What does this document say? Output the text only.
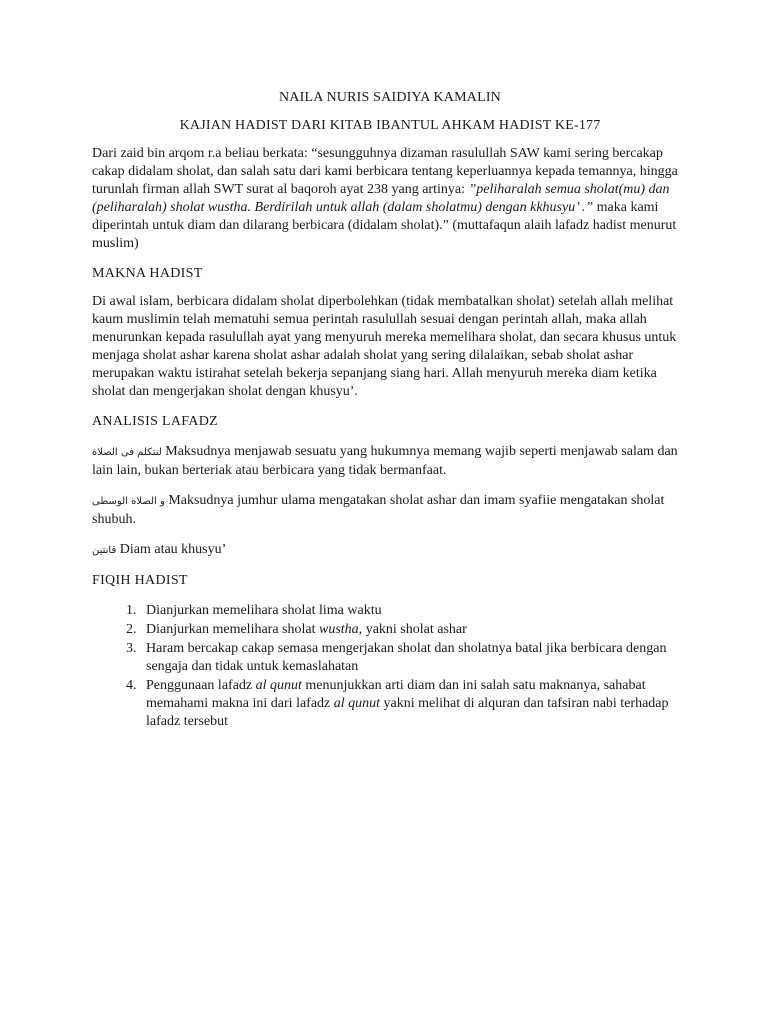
NAILA NURIS SAIDIYA KAMALIN

KAJIAN HADIST DARI KITAB IBANTUL AHKAM HADIST KE-177

Dari zaid bin arqom r.a beliau berkata: “sesungguhnya dizaman rasulullah SAW kami sering bercakap cakap didalam sholat, dan salah satu dari kami berbicara tentang keperluannya kepada temannya, hingga turunlah firman allah SWT surat al baqoroh ayat 238 yang artinya: ”peliharalah semua sholat(mu) dan (peliharalah) sholat wustha. Berdirilah untuk allah (dalam sholatmu) dengan kkhusyu’ .” maka kami diperintah untuk diam dan dilarang berbicara (didalam sholat).” (muttafaqun alaih lafadz hadist menurut muslim)

MAKNA HADIST

Di awal islam, berbicara didalam sholat diperbolehkan (tidak membatalkan sholat) setelah allah melihat kaum muslimin telah mematuhi semua perintah rasulullah sesuai dengan perintah allah, maka allah menurunkan kepada rasulullah ayat yang menyuruh mereka memelihara sholat, dan secara khusus untuk menjaga sholat ashar karena sholat ashar adalah sholat yang sering dilalaikan, sebab sholat ashar merupakan waktu istirahat setelah bekerja sepanjang siang hari. Allah menyuruh mereka diam ketika sholat dan mengerjakan sholat dengan khusyu’.

ANALISIS LAFADZ

لنتكلم فى الصلاة Maksudnya menjawab sesuatu yang hukumnya memang wajib seperti menjawab salam dan lain lain, bukan berteriak atau berbicara yang tidak bermanfaat.

و الصلاة الوسطى Maksudnya jumhur ulama mengatakan sholat ashar dan imam syafiie mengatakan sholat shubuh.

قانتين Diam atau khusyu’

FIQIH HADIST
1. Dianjurkan memelihara sholat lima waktu
2. Dianjurkan memelihara sholat wustha, yakni sholat ashar
3. Haram bercakap cakap semasa mengerjakan sholat dan sholatnya batal jika berbicara dengan sengaja dan tidak untuk kemaslahatan
4. Penggunaan lafadz al qunut menunjukkan arti diam dan ini salah satu maknanya, sahabat memahami makna ini dari lafadz al qunut yakni melihat di alquran dan tafsiran nabi terhadap lafadz tersebut
